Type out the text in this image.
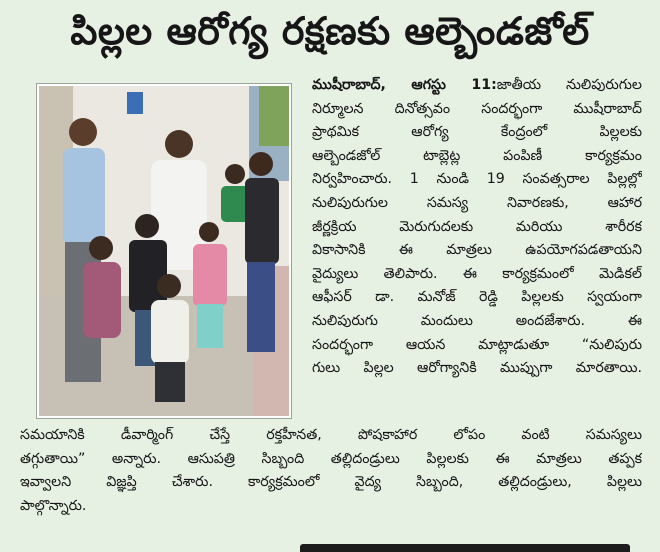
పిల్లల ఆరోగ్య రక్షణకు ఆల్బెండజోల్
ముషీరాబాద్, ఆగస్టు 11:జాతీయ నులిపురుగుల
నిర్మూలన దినోత్సవం సందర్భంగా ముషీరాబాద్
ప్రాథమిక ఆరోగ్య కేంద్రంలో పిల్లలకు
ఆల్బెండజోల్ టాబ్లెట్ల పంపిణీ కార్యక్రమం
నిర్వహించారు. 1 నుండి 19 సంవత్సరాల పిల్లల్లో
నులిపురుగుల సమస్య నివారణకు, ఆహార
జీర్ణక్రియ మెరుగుదలకు మరియు శారీరక
వికాసానికి ఈ మాత్రలు ఉపయోగపడతాయని
వైద్యులు తెలిపారు. ఈ కార్యక్రమంలో మెడికల్
ఆఫీసర్ డా. మనోజ్ రెడ్డి పిల్లలకు స్వయంగా
నులిపురుగు మందులు అందజేశారు. ఈ
సందర్భంగా ఆయన మాట్లాడుతూ “నులిపురు
గులు పిల్లల ఆరోగ్యానికి ముప్పుగా మారతాయి.
సమయానికి డీవార్మింగ్ చేస్తే రక్తహీనత, పోషకాహార లోపం వంటి సమస్యలు
తగ్గుతాయి” అన్నారు. ఆసుపత్రి సిబ్బంది తల్లిదండ్రులు పిల్లలకు ఈ మాత్రలు తప్పక
ఇవ్వాలని విజ్ఞప్తి చేశారు. కార్యక్రమంలో వైద్య సిబ్బంది, తల్లిదండ్రులు, పిల్లలు
పాల్గొన్నారు.
